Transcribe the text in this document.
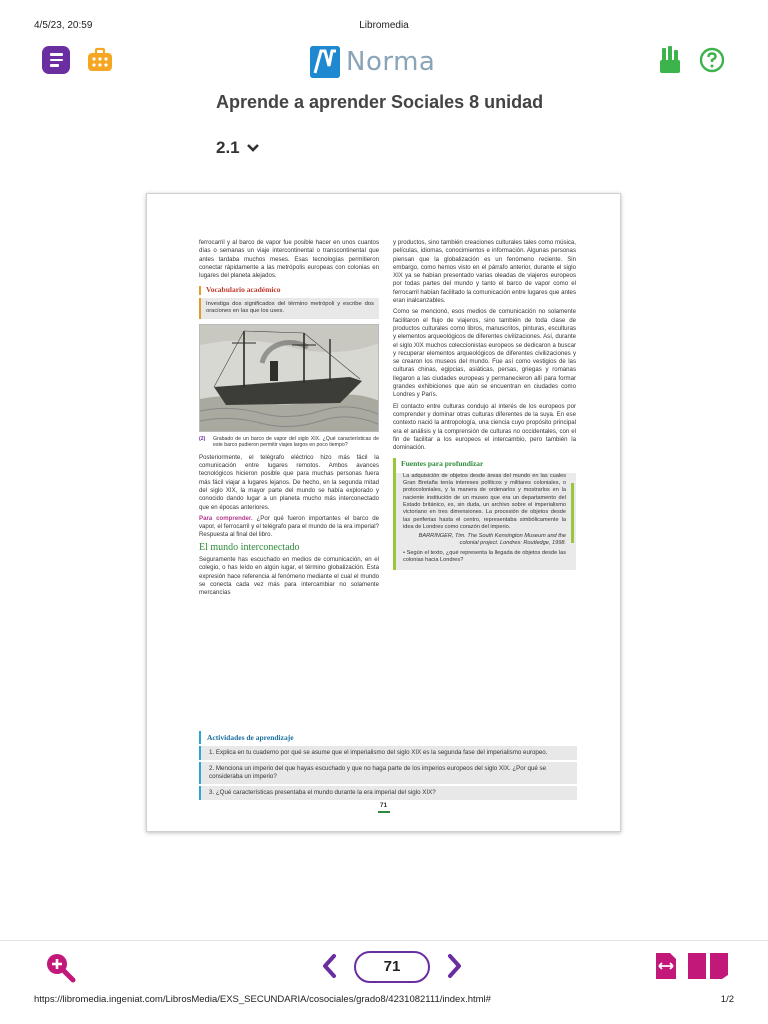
4/5/23, 20:59	Libromedia
Norma
Aprende a aprender Sociales 8 unidad
2.1

ferrocarril y al barco de vapor fue posible hacer en unos cuantos días o semanas un viaje intercontinental o transcontinental que antes tardaba muchos meses. Esas tecnologías permitieron conectar rápidamente a las metrópolis europeas con colonias en lugares del planeta alejados.

Vocabulario académico
Investiga dos significados del término metrópoli y escribe dos oraciones en las que los uses.
(2) Grabado de un barco de vapor del siglo XIX. ¿Qué características de este barco pudieron permitir viajes largos en poco tiempo?

Posteriormente, el telégrafo eléctrico hizo más fácil la comunicación entre lugares remotos. Ambos avances tecnológicos hicieron posible que para muchas personas fuera más fácil viajar a lugares lejanos. De hecho, en la segunda mitad del siglo XIX, la mayor parte del mundo se había explorado y conocido dando lugar a un planeta mucho más interconectado que en épocas anteriores.

Para comprender. ¿Por qué fueron importantes el barco de vapor, el ferrocarril y el telégrafo para el mundo de la era imperial? Respuesta al final del libro.

El mundo interconectado

Seguramente has escuchado en medios de comunicación, en el colegio, o has leído en algún lugar, el término globalización. Esta expresión hace referencia al fenómeno mediante el cual el mundo se conecta cada vez más para intercambiar no solamente mercancías

y productos, sino también creaciones culturales tales como música, películas, idiomas, conocimientos e información. Algunas personas piensan que la globalización es un fenómeno reciente. Sin embargo, como hemos visto en el párrafo anterior, durante el siglo XIX ya se habían presentado varias oleadas de viajeros europeos por todas partes del mundo y tanto el barco de vapor como el ferrocarril habían facilitado la comunicación entre lugares que antes eran inalcanzables.

Como se mencionó, esos medios de comunicación no solamente facilitaron el flujo de viajeros, sino también de toda clase de productos culturales como libros, manuscritos, pinturas, esculturas y elementos arqueológicos de diferentes civilizaciones. Así, durante el siglo XIX muchos coleccionistas europeos se dedicaron a buscar y recuperar elementos arqueológicos de diferentes civilizaciones y se crearon los museos del mundo. Fue así como vestigios de las culturas chinas, egipcias, asiáticas, persas, griegas y romanas llegaron a las ciudades europeas y permanecieron allí para formar grandes exhibiciones que aún se encuentran en ciudades como Londres y París.

El contacto entre culturas condujo al interés de los europeos por comprender y dominar otras culturas diferentes de la suya. En ese contexto nació la antropología, una ciencia cuyo propósito principal era el análisis y la comprensión de culturas no occidentales, con el fin de facilitar a los europeos el intercambio, pero también la dominación.

Fuentes para profundizar

La adquisición de objetos desde áreas del mundo en las cuales Gran Bretaña tenía intereses políticos y militares coloniales, o protocoloniales, y la manera de ordenarlos y mostrarlos en la naciente institución de un museo que era un departamento del Estado británico, es, sin duda, un archivo sobre el imperialismo victoriano en tres dimensiones. La procesión de objetos desde las periferias hasta el centro, representaba simbólicamente la idea de Londres como corazón del imperio.

BARRINGER, Tim. The South Kensington Museum and the colonial project. Londres: Routledge, 1998.

• Según el texto, ¿qué representa la llegada de objetos desde las colonias hacia Londres?

Actividades de aprendizaje
1. Explica en tu cuaderno por qué se asume que el imperialismo del siglo XIX es la segunda fase del imperialismo europeo.
2. Menciona un imperio del que hayas escuchado y que no haga parte de los imperios europeos del siglo XIX. ¿Por qué se consideraba un imperio?
3. ¿Qué características presentaba el mundo durante la era imperial del siglo XIX?
71
71
https://libromedia.ingeniat.com/LibrosMedia/EXS_SECUNDARIA/cosociales/grado8/4231082111/index.html#	1/2
